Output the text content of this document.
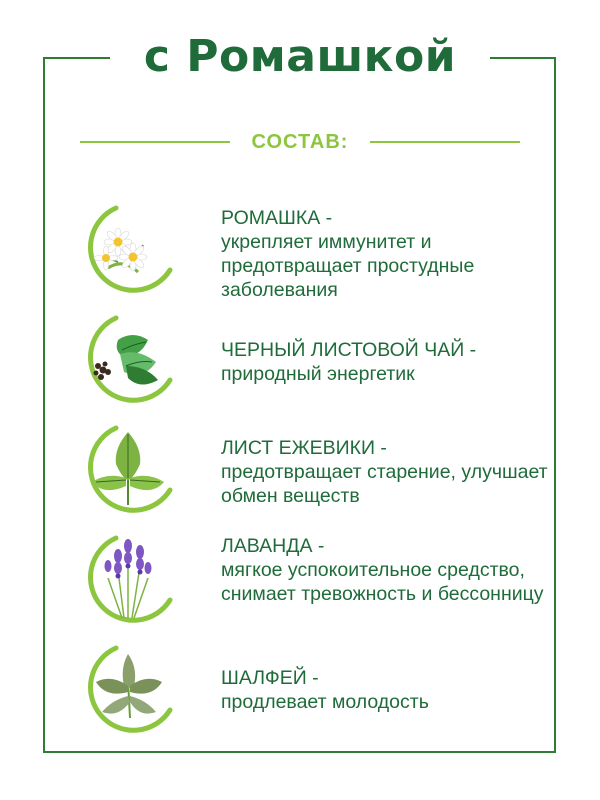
с Ромашкой
СОСТАВ:
РОМАШКА -
укрепляет иммунитет и предотвращает простудные заболевания
ЧЕРНЫЙ ЛИСТОВОЙ ЧАЙ -
природный энергетик
ЛИСТ ЕЖЕВИКИ -
предотвращает старение, улучшает обмен веществ
ЛАВАНДА -
мягкое успокоительное средство, снимает тревожность и бессонницу
ШАЛФЕЙ -
продлевает молодость
